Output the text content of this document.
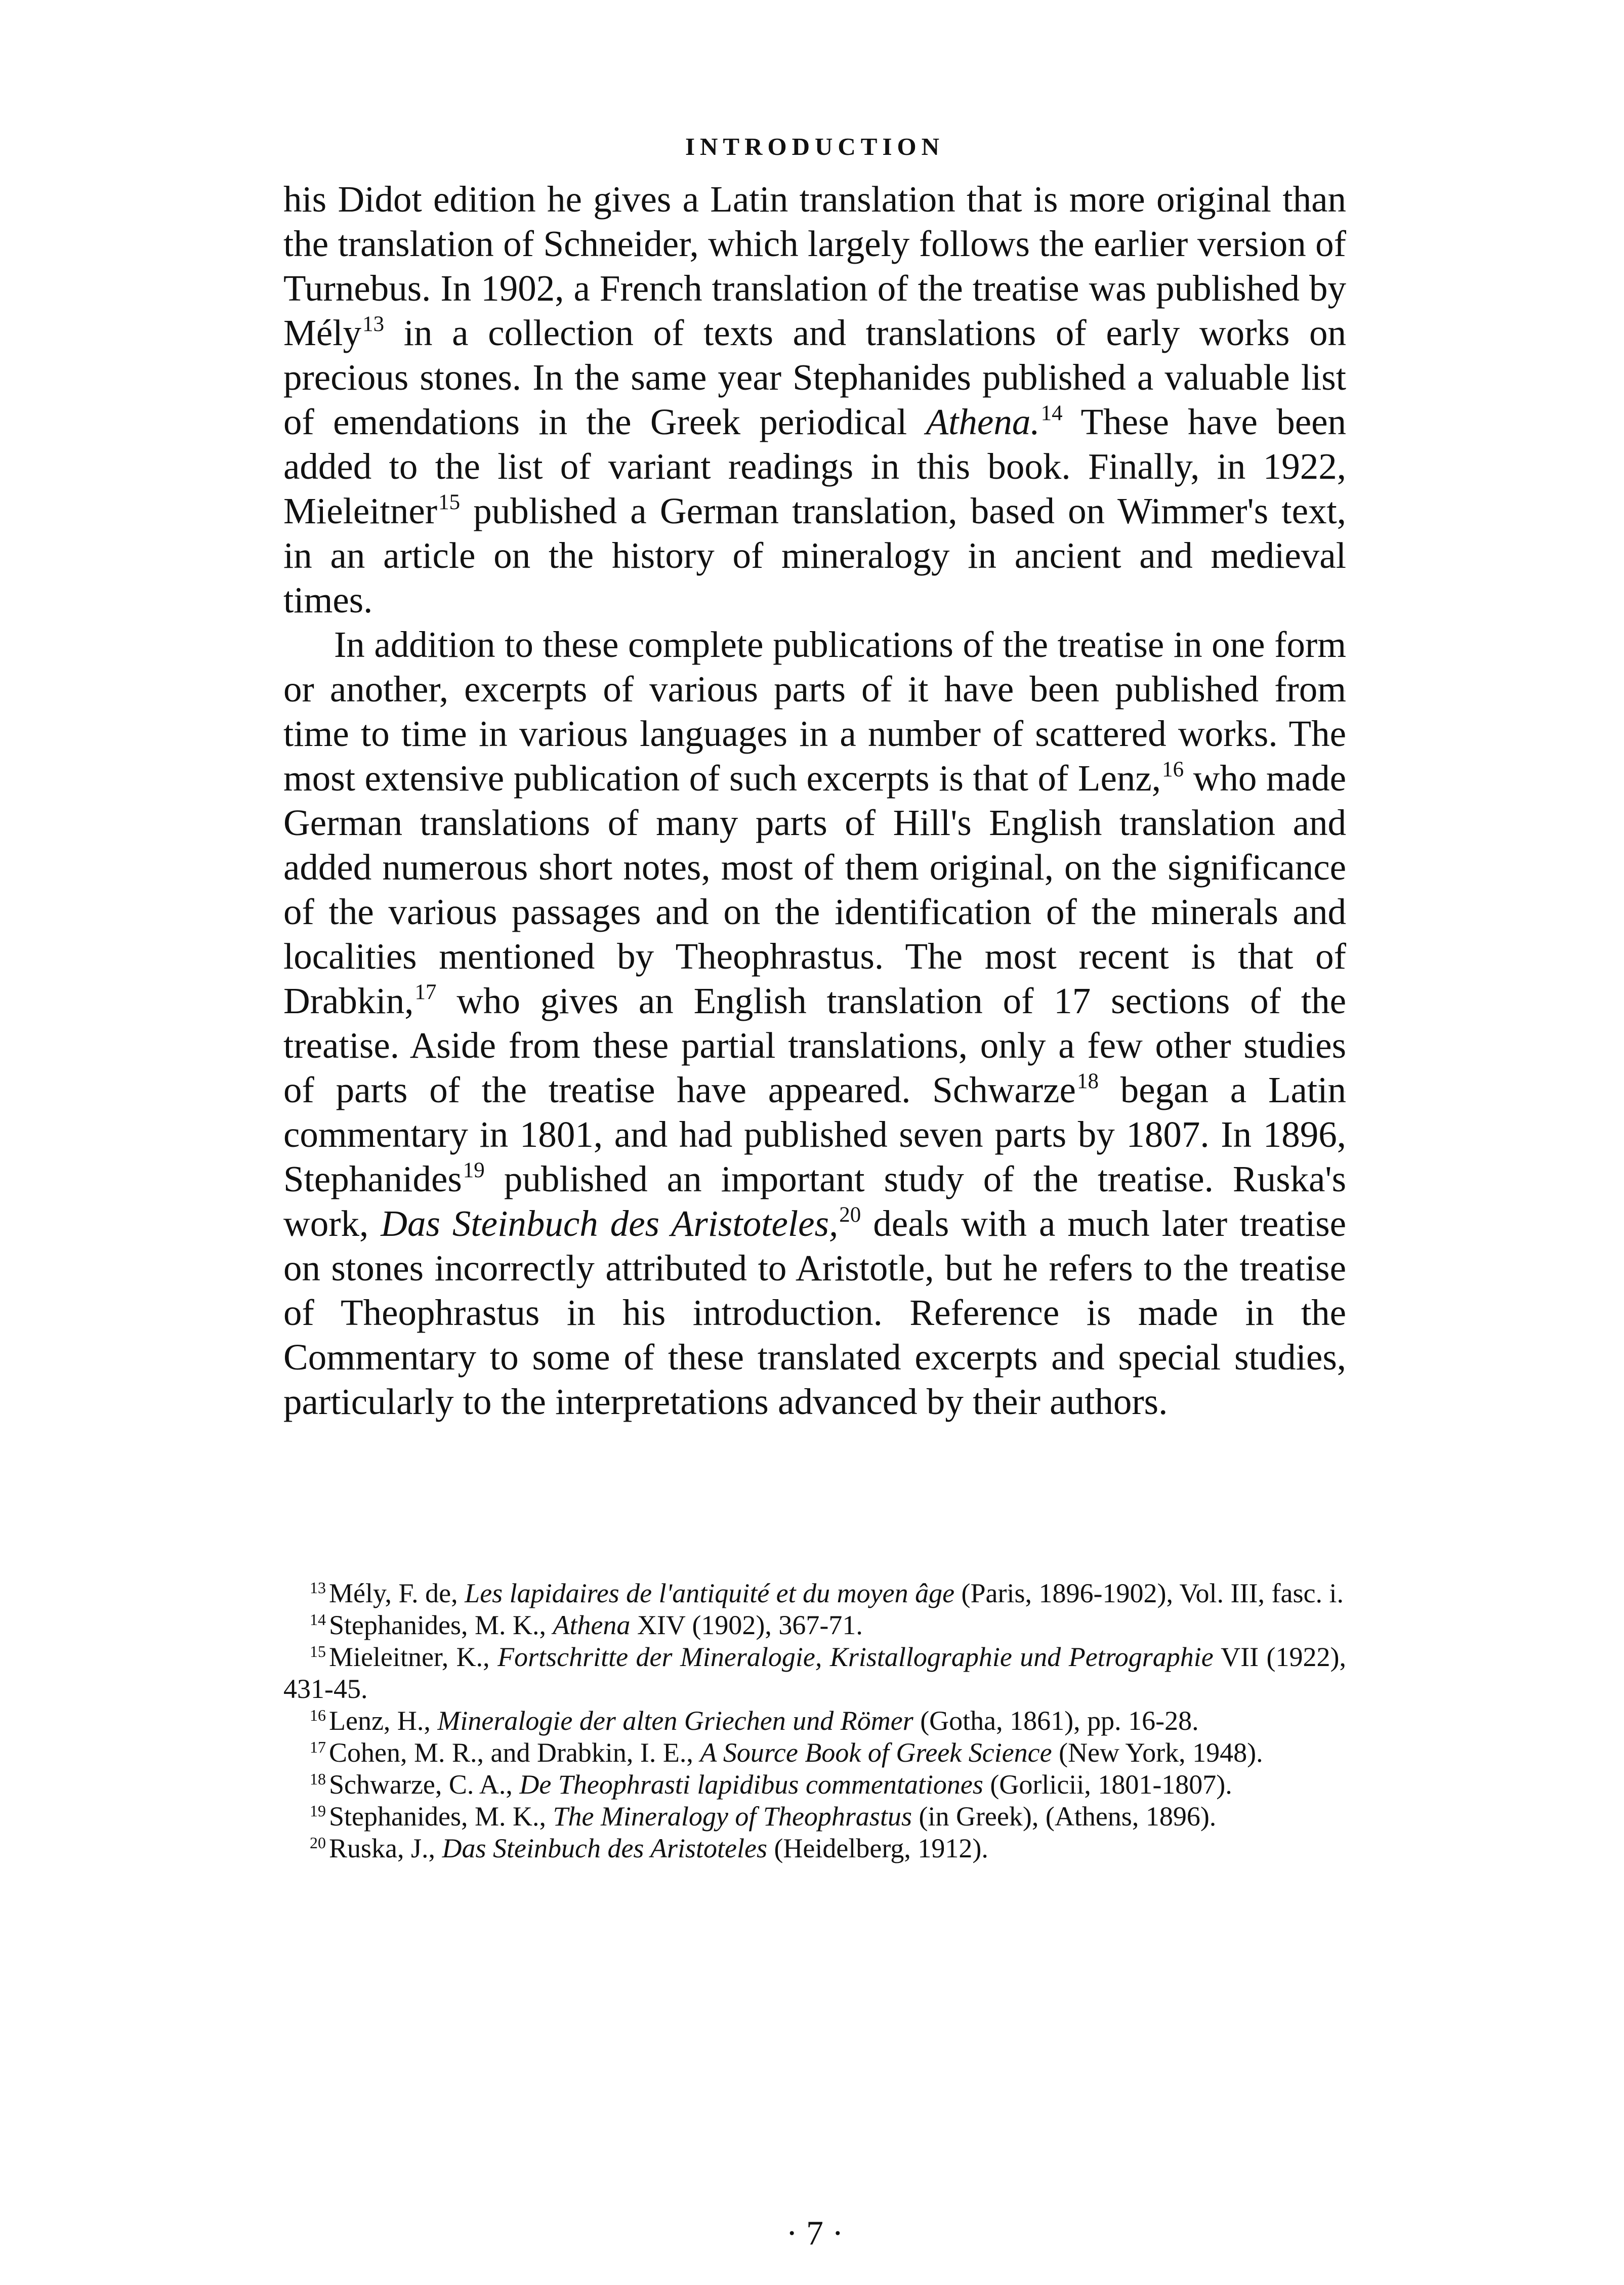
INTRODUCTION

his Didot edition he gives a Latin translation that is more original than the translation of Schneider, which largely follows the earlier version of Turnebus. In 1902, a French translation of the treatise was published by Mély$^{13}$ in a collection of texts and translations of early works on precious stones. In the same year Stephanides published a valuable list of emendations in the Greek periodical Athena.$^{14}$ These have been added to the list of variant readings in this book. Finally, in 1922, Mieleitner$^{15}$ published a German translation, based on Wimmer's text, in an article on the history of mineralogy in ancient and medieval times.

In addition to these complete publications of the treatise in one form or another, excerpts of various parts of it have been published from time to time in various languages in a number of scattered works. The most extensive publication of such excerpts is that of Lenz,$^{16}$ who made German translations of many parts of Hill's English translation and added numerous short notes, most of them original, on the significance of the various passages and on the identification of the minerals and localities mentioned by Theophrastus. The most recent is that of Drabkin,$^{17}$ who gives an English translation of 17 sections of the treatise. Aside from these partial translations, only a few other studies of parts of the treatise have appeared. Schwarze$^{18}$ began a Latin commentary in 1801, and had published seven parts by 1807. In 1896, Stephanides$^{19}$ published an important study of the treatise. Ruska's work, Das Steinbuch des Aristoteles,$^{20}$ deals with a much later treatise on stones incorrectly attributed to Aristotle, but he refers to the treatise of Theophrastus in his introduction. Reference is made in the Commentary to some of these translated excerpts and special studies, particularly to the interpretations advanced by their authors.

$^{13}$ Mély, F. de, Les lapidaires de l'antiquité et du moyen âge (Paris, 1896-1902), Vol. III, fasc. i.

$^{14}$ Stephanides, M. K., Athena XIV (1902), 367-71.

$^{15}$ Mieleitner, K., Fortschritte der Mineralogie, Kristallographie und Petrographie VII (1922), 431-45.

$^{16}$ Lenz, H., Mineralogie der alten Griechen und Römer (Gotha, 1861), pp. 16-28.

$^{17}$ Cohen, M. R., and Drabkin, I. E., A Source Book of Greek Science (New York, 1948).

$^{18}$ Schwarze, C. A., De Theophrasti lapidibus commentationes (Gorlicii, 1801-1807).

$^{19}$ Stephanides, M. K., The Mineralogy of Theophrastus (in Greek), (Athens, 1896).

$^{20}$ Ruska, J., Das Steinbuch des Aristoteles (Heidelberg, 1912).

· 7 ·
